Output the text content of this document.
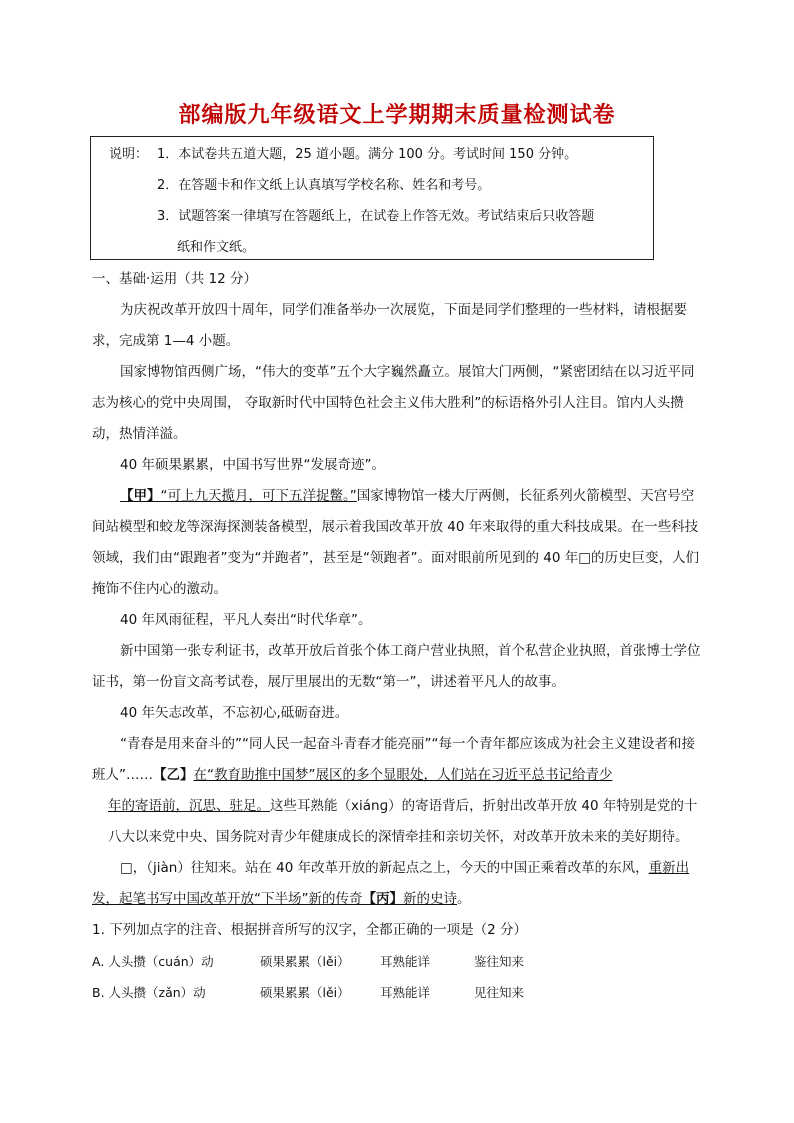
部编版九年级语文上学期期末质量检测试卷
说明： 1．本试卷共五道大题，25 道小题。满分 100 分。考试时间 150 分钟。
2．在答题卡和作文纸上认真填写学校名称、姓名和考号。
3．试题答案一律填写在答题纸上，在试卷上作答无效。考试结束后只收答题
纸和作文纸。

一、基础·运用（共 12 分）

为庆祝改革开放四十周年，同学们准备举办一次展览，下面是同学们整理的一些材料，请根据要求，完成第 1—4 小题。

国家博物馆西侧广场，“伟大的变革”五个大字巍然矗立。展馆大门两侧，“紧密团结在以习近平同志为核心的党中央周围， 夺取新时代中国特色社会主义伟大胜利”的标语格外引人注目。馆内人头攒 动，热情洋溢。

40 年硕果累累，中国书写世界“发展奇迹”。

【甲】“可上九天揽月，可下五洋捉鳖。”国家博物馆一楼大厅两侧，长征系列火箭模型、天宫号空间站模型和蛟龙等深海探测装备模型，展示着我国改革开放 40 年来取得的重大科技成果。在一些科技领域，我们由“跟跑者”变为“并跑者”，甚至是“领跑者”。面对眼前所见到的 40 年□的历史巨变，人们掩饰不住内心的激动。

40 年风雨征程，平凡人奏出“时代华章”。

新中国第一张专利证书，改革开放后首张个体工商户营业执照，首个私营企业执照，首张博士学位证书，第一份盲文高考试卷，展厅里展出的无数“第一”，讲述着平凡人的故事。

40 年矢志改革，不忘初心,砥砺奋进。

“青春是用来奋斗的”“同人民一起奋斗青春才能亮丽”“每一个青年都应该成为社会主义建设者和接班人”……【乙】在“教育助推中国梦”展区的多个显眼处，人们站在习近平总书记给青少

年的寄语前，沉思、驻足。这些耳熟能（xiánɡ）的寄语背后，折射出改革开放 40 年特别是党的十

八大以来党中央、国务院对青少年健康成长的深情牵挂和亲切关怀，对改革开放未来的美好期待。

□，（jiàn）往知来。站在 40 年改革开放的新起点之上，今天的中国正乘着改革的东风，重新出发，起笔书写中国改革开放“下半场”新的传奇【丙】新的史诗。

1. 下列加点字的注音、根据拼音所写的汉字，全都正确的一项是（2 分）

A. 人头攒（cuán）动	硕果累累（lěi） 耳熟能详	鉴往知来

B. 人头攒（zǎn）动	硕果累累（lěi） 耳熟能详	见往知来
